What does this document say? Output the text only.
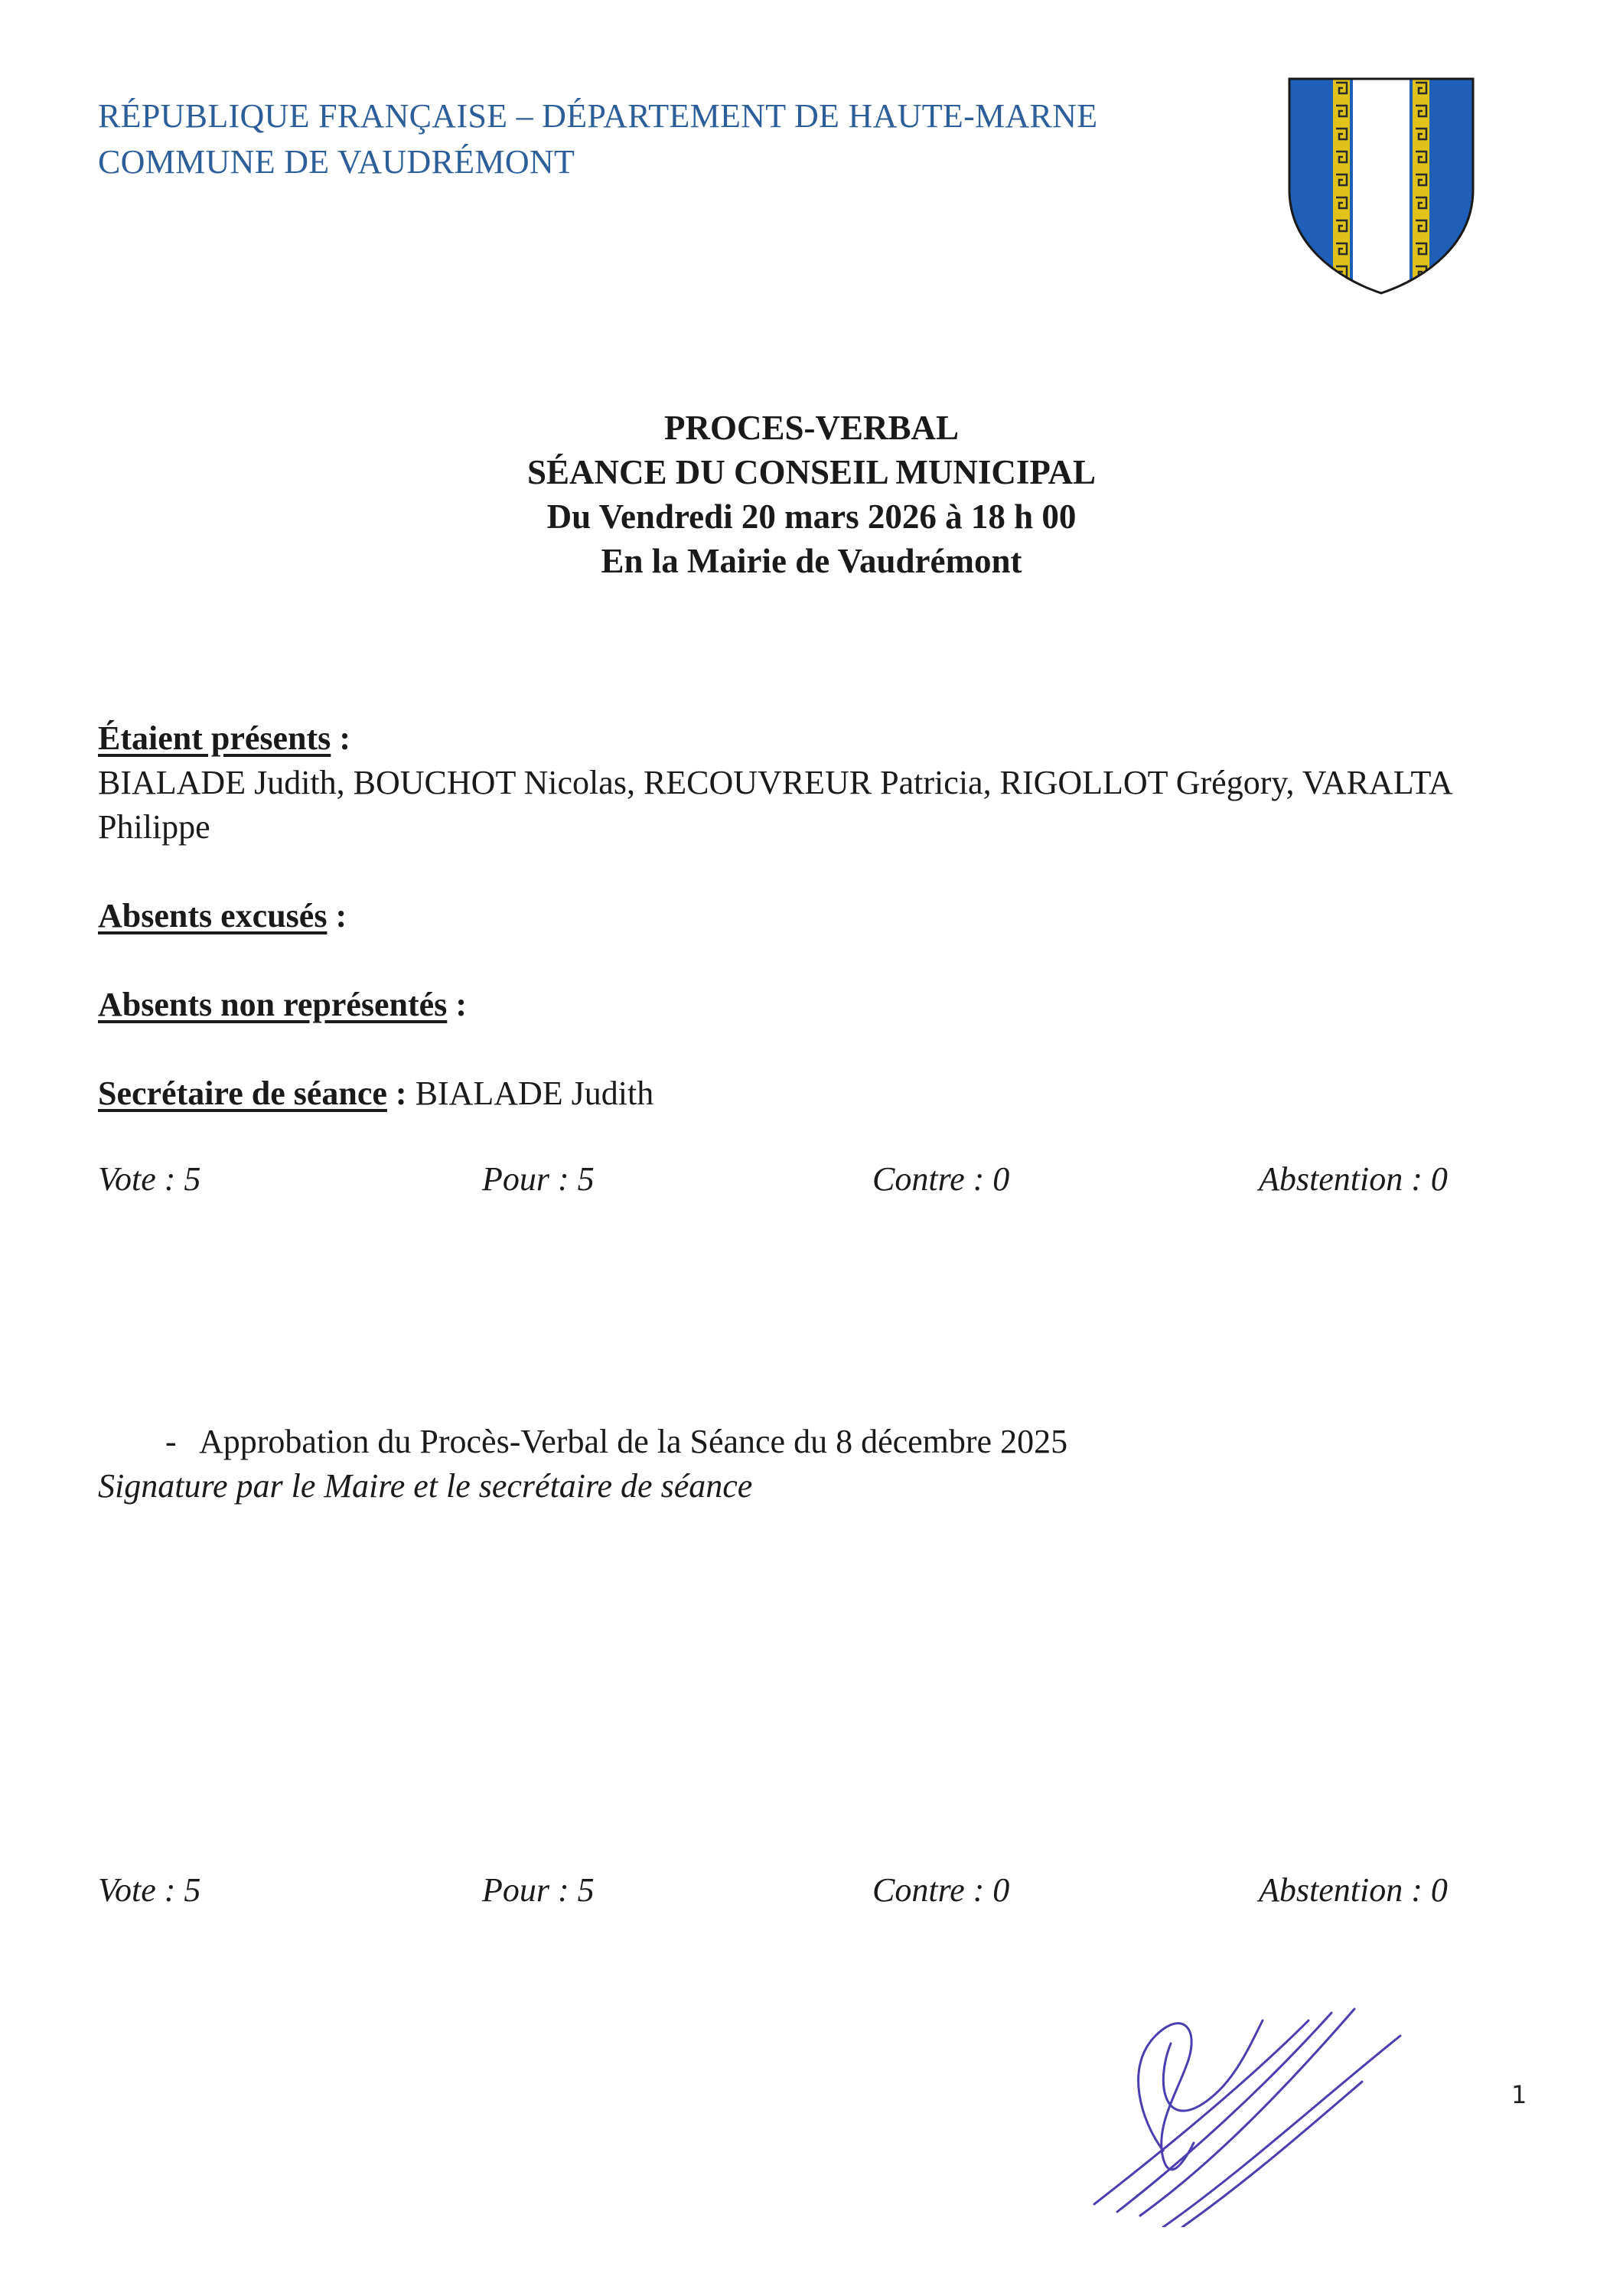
RÉPUBLIQUE FRANÇAISE – DÉPARTEMENT DE HAUTE-MARNE
COMMUNE DE VAUDRÉMONT
PROCES-VERBAL
SÉANCE DU CONSEIL MUNICIPAL
Du Vendredi 20 mars 2026 à 18 h 00
En la Mairie de Vaudrémont
Étaient présents :
BIALADE Judith, BOUCHOT Nicolas, RECOUVREUR Patricia, RIGOLLOT Grégory, VARALTA
Philippe
Absents excusés :
Absents non représentés :
Secrétaire de séance : BIALADE Judith
Vote : 5	Pour : 5	Contre : 0	Abstention : 0
- Approbation du Procès-Verbal de la Séance du 8 décembre 2025
Signature par le Maire et le secrétaire de séance
Vote : 5	Pour : 5	Contre : 0	Abstention : 0
1
